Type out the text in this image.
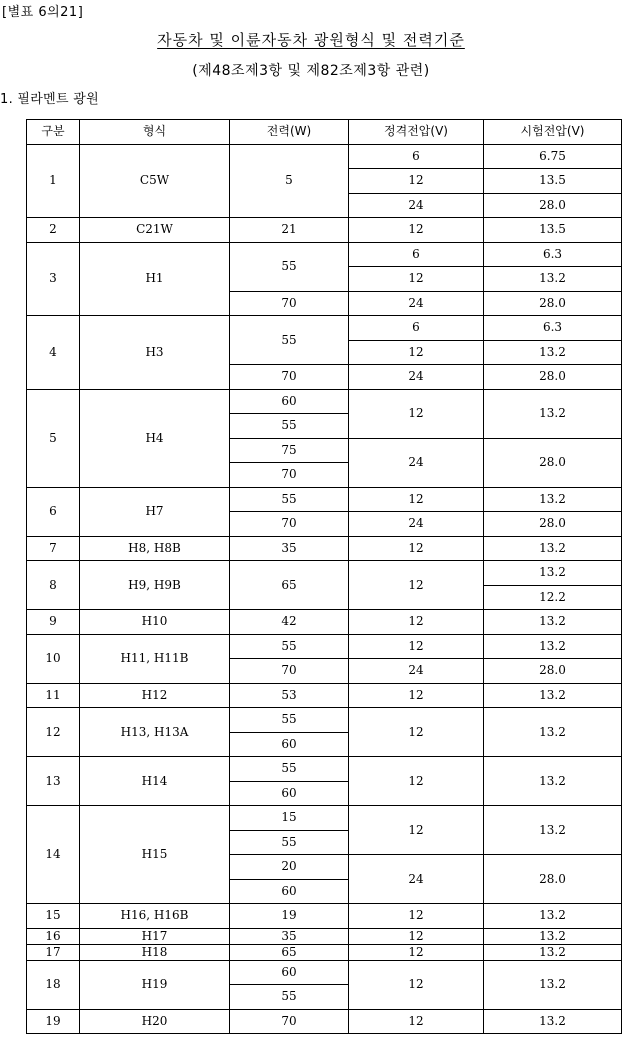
[별표 6의21]
자동차 및 이륜자동차 광원형식 및 전력기준
(제48조제3항 및 제82조제3항 관련)
1. 필라멘트 광원
구분	형식	전력(W)	정격전압(V)	시험전압(V)
1	C5W	5	6	6.75
			12	13.5
			24	28.0
2	C21W	21	12	13.5
3	H1	55	6	6.3
			12	13.2
		70	24	28.0
4	H3	55	6	6.3
			12	13.2
		70	24	28.0
5	H4	60	12	13.2
		55		
		75	24	28.0
		70		
6	H7	55	12	13.2
		70	24	28.0
7	H8, H8B	35	12	13.2
8	H9, H9B	65	12	13.2
				12.2
9	H10	42	12	13.2
10	H11, H11B	55	12	13.2
		70	24	28.0
11	H12	53	12	13.2
12	H13, H13A	55	12	13.2
		60		
13	H14	55	12	13.2
		60		
14	H15	15	12	13.2
		55		
		20	24	28.0
		60		
15	H16, H16B	19	12	13.2
16	H17	35	12	13.2

17	H18	65	12	13.2
18	H19	60	12	13.2
		55		
19	H20	70	12	13.2
